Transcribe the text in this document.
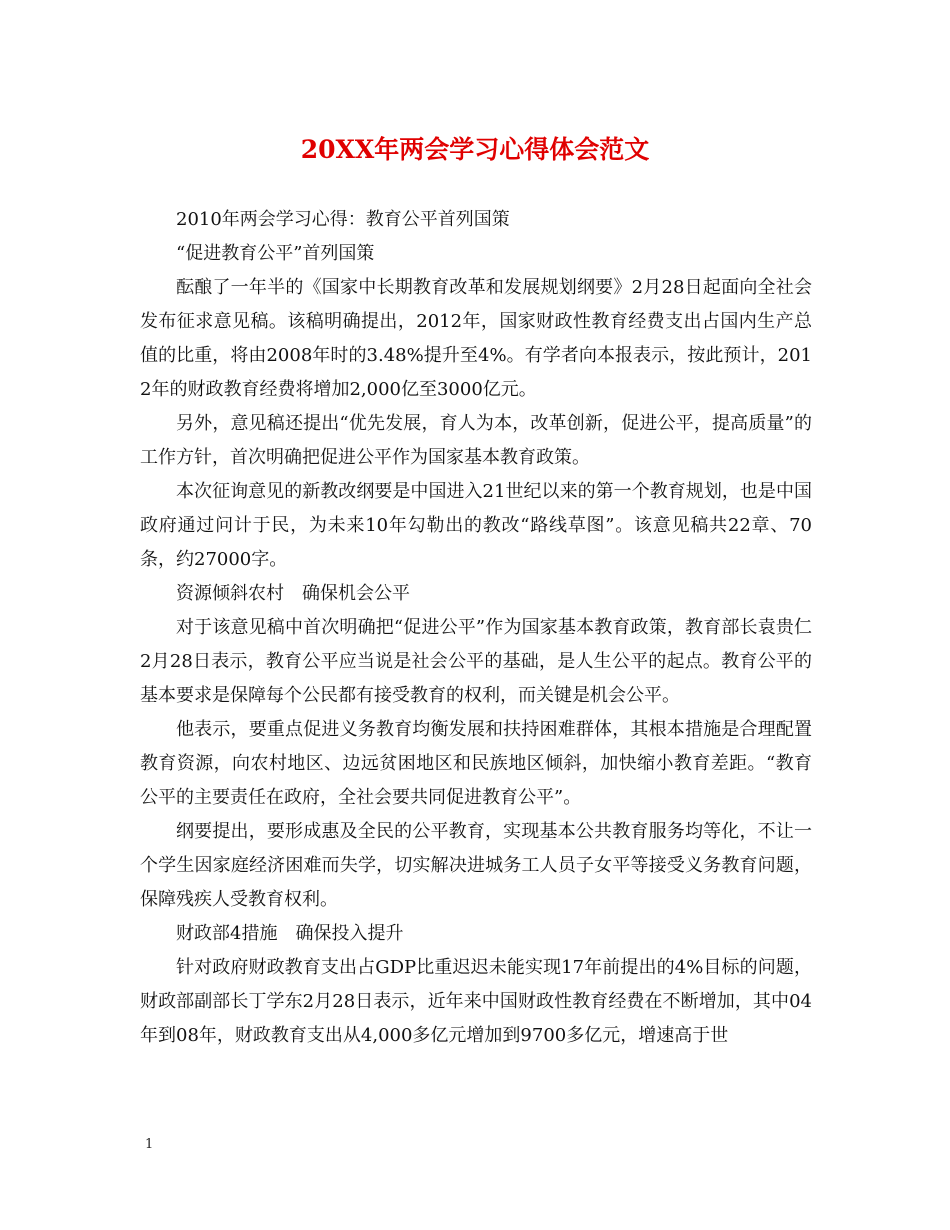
20XX年两会学习心得体会范文

2010年两会学习心得：教育公平首列国策

“促进教育公平”首列国策

酝酿了一年半的《国家中长期教育改革和发展规划纲要》2月28日起面向全社会发布征求意见稿。该稿明确提出，2012年，国家财政性教育经费支出占国内生产总值的比重，将由2008年时的3.48%提升至4%。有学者向本报表示，按此预计，2012年的财政教育经费将增加2,000亿至3000亿元。

另外，意见稿还提出“优先发展，育人为本，改革创新，促进公平，提高质量”的工作方针，首次明确把促进公平作为国家基本教育政策。

本次征询意见的新教改纲要是中国进入21世纪以来的第一个教育规划，也是中国政府通过问计于民，为未来10年勾勒出的教改“路线草图”。该意见稿共22章、70条，约27000字。

资源倾斜农村　确保机会公平

对于该意见稿中首次明确把“促进公平”作为国家基本教育政策，教育部长袁贵仁2月28日表示，教育公平应当说是社会公平的基础，是人生公平的起点。教育公平的基本要求是保障每个公民都有接受教育的权利，而关键是机会公平。

他表示，要重点促进义务教育均衡发展和扶持困难群体，其根本措施是合理配置教育资源，向农村地区、边远贫困地区和民族地区倾斜，加快缩小教育差距。“教育公平的主要责任在政府，全社会要共同促进教育公平”。

纲要提出，要形成惠及全民的公平教育，实现基本公共教育服务均等化，不让一个学生因家庭经济困难而失学，切实解决进城务工人员子女平等接受义务教育问题，保障残疾人受教育权利。

财政部4措施　确保投入提升

针对政府财政教育支出占GDP比重迟迟未能实现17年前提出的4%目标的问题，财政部副部长丁学东2月28日表示，近年来中国财政性教育经费在不断增加，其中04年到08年，财政教育支出从4,000多亿元增加到9700多亿元，增速高于世

1
